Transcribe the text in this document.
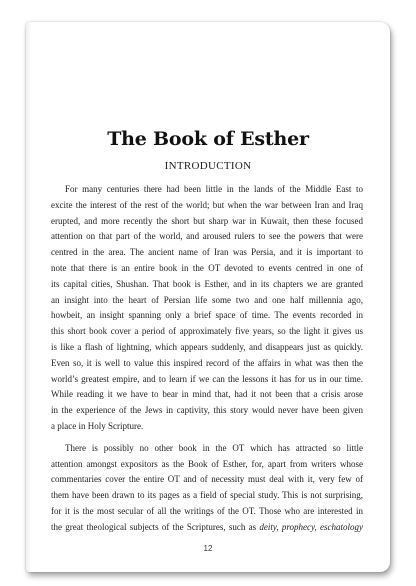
The Book of Esther
INTRODUCTION

For many centuries there had been little in the lands of the Middle East to
excite the interest of the rest of the world; but when the war between Iran and Iraq
erupted, and more recently the short but sharp war in Kuwait, then these focused
attention on that part of the world, and aroused rulers to see the powers that were
centred in the area. The ancient name of Iran was Persia, and it is important to
note that there is an entire book in the OT devoted to events centred in one of
its capital cities, Shushan. That book is Esther, and in its chapters we are granted
an insight into the heart of Persian life some two and one half millennia ago,
howbeit, an insight spanning only a brief space of time. The events recorded in
this short book cover a period of approximately five years, so the light it gives us
is like a flash of lightning, which appears suddenly, and disappears just as quickly.
Even so, it is well to value this inspired record of the affairs in what was then the
world’s greatest empire, and to learn if we can the lessons it has for us in our time.
While reading it we have to bear in mind that, had it not been that a crisis arose
in the experience of the Jews in captivity, this story would never have been given
a place in Holy Scripture.

There is possibly no other book in the OT which has attracted so little
attention amongst expositors as the Book of Esther, for, apart from writers whose
commentaries cover the entire OT and of necessity must deal with it, very few of
them have been drawn to its pages as a field of special study. This is not surprising,
for it is the most secular of all the writings of the OT. Those who are interested in
the great theological subjects of the Scriptures, such as deity, prophecy, eschatology

12
